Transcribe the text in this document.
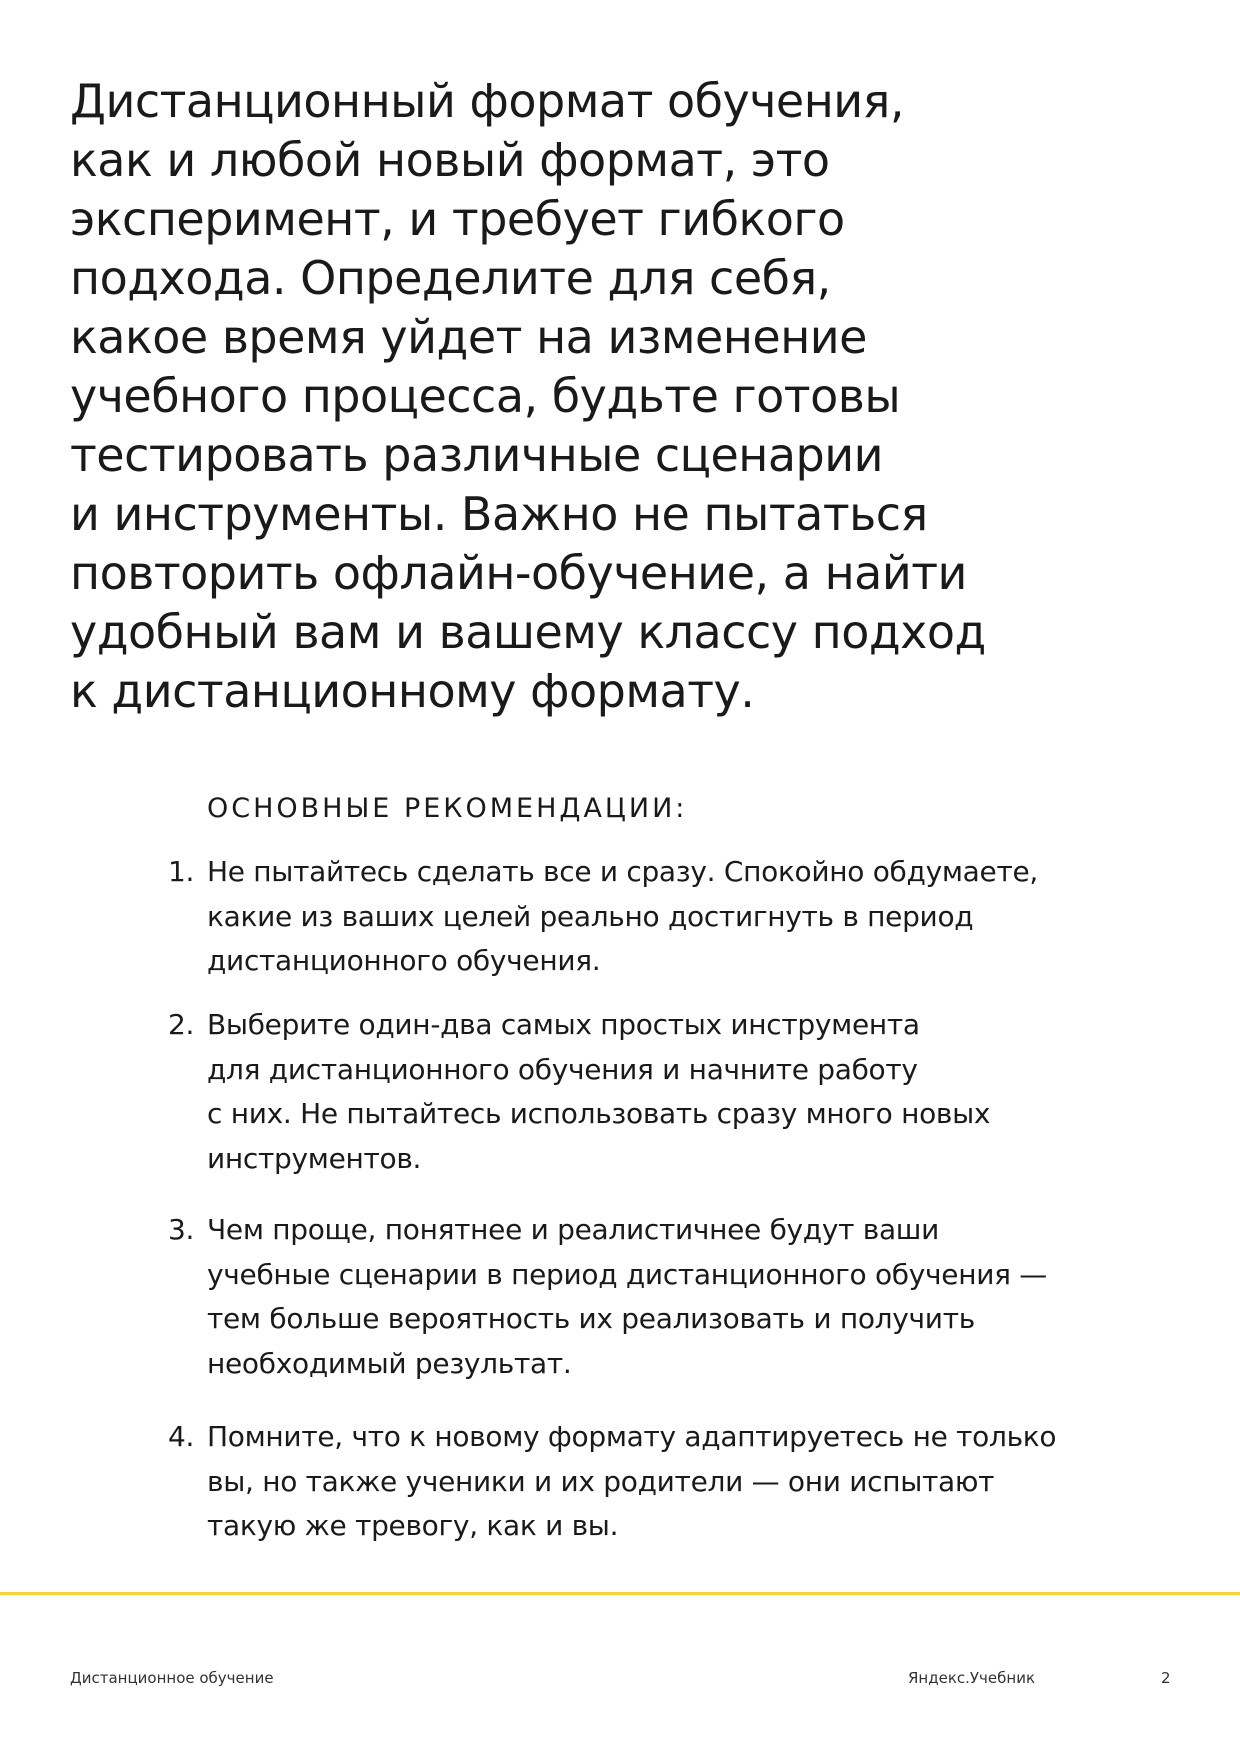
Дистанционный формат обучения,
как и любой новый формат, это
эксперимент, и требует гибкого
подхода. Определите для себя,
какое время уйдет на изменение
учебного процесса, будьте готовы
тестировать различные сценарии
и инструменты. Важно не пытаться
повторить офлайн-обучение, а найти
удобный вам и вашему классу подход
к дистанционному формату.

ОСНОВНЫЕ РЕКОМЕНДАЦИИ:
1. Не пытайтесь сделать все и сразу. Спокойно обдумаете,
какие из ваших целей реально достигнуть в период
дистанционного обучения.
2. Выберите один-два самых простых инструмента
для дистанционного обучения и начните работу
с них. Не пытайтесь использовать сразу много новых
инструментов.
3. Чем проще, понятнее и реалистичнее будут ваши
учебные сценарии в период дистанционного обучения —
тем больше вероятность их реализовать и получить
необходимый результат.
4. Помните, что к новому формату адаптируетесь не только
вы, но также ученики и их родители — они испытают
такую же тревогу, как и вы.
Дистанционное обучение	Яндекс.Учебник	2
